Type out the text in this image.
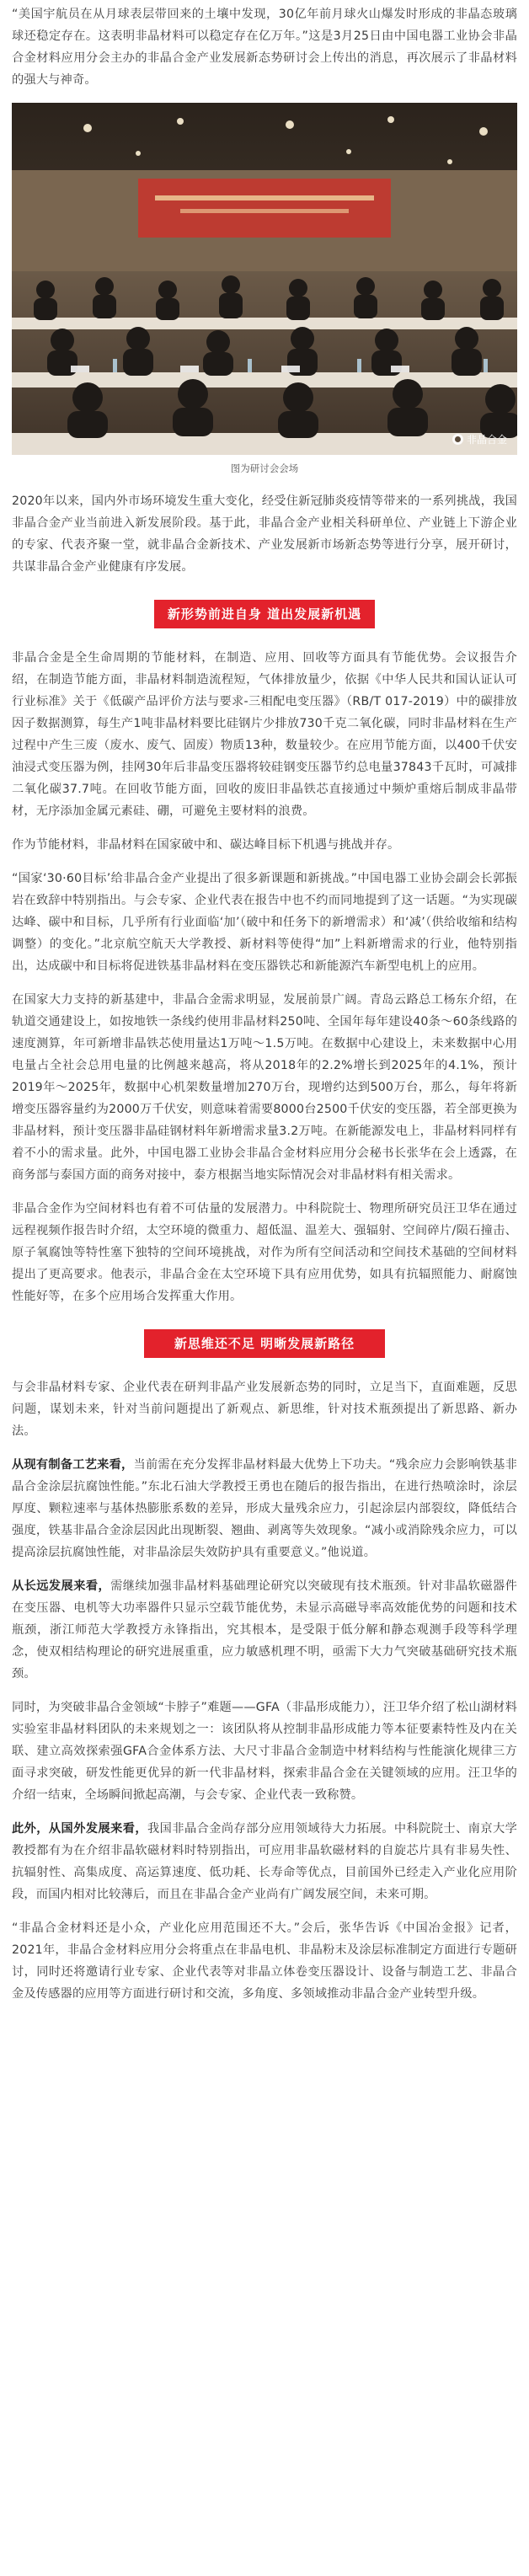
“美国宇航员在从月球表层带回来的土壤中发现，30亿年前月球火山爆发时形成的非晶态玻璃球还稳定存在。这表明非晶材料可以稳定存在亿万年。”这是3月25日由中国电器工业协会非晶合金材料应用分会主办的非晶合金产业发展新态势研讨会上传出的消息，再次展示了非晶材料的强大与神奇。

非晶合金
图为研讨会会场

2020年以来，国内外市场环境发生重大变化，经受住新冠肺炎疫情等带来的一系列挑战，我国非晶合金产业当前进入新发展阶段。基于此，非晶合金产业相关科研单位、产业链上下游企业的专家、代表齐聚一堂，就非晶合金新技术、产业发展新市场新态势等进行分享，展开研讨，共谋非晶合金产业健康有序发展。

新形势前进自身 道出发展新机遇

非晶合金是全生命周期的节能材料，在制造、应用、回收等方面具有节能优势。会议报告介绍，在制造节能方面，非晶材料制造流程短，气体排放量少，依据《中华人民共和国认证认可行业标准》关于《低碳产品评价方法与要求-三相配电变压器》（RB/T 017-2019）中的碳排放因子数据测算，每生产1吨非晶材料要比硅钢片少排放730千克二氧化碳，同时非晶材料在生产过程中产生三废（废水、废气、固废）物质13种，数量较少。在应用节能方面，以400千伏安油浸式变压器为例，挂网30年后非晶变压器将较硅钢变压器节约总电量37843千瓦时，可减排二氧化碳37.7吨。在回收节能方面，回收的废旧非晶铁芯直接通过中频炉重熔后制成非晶带材，无序添加金属元素硅、硼，可避免主要材料的浪费。

作为节能材料，非晶材料在国家破中和、碳达峰目标下机遇与挑战并存。

“国家‘30·60目标’给非晶合金产业提出了很多新课题和新挑战。”中国电器工业协会副会长郭振岩在致辞中特别指出。与会专家、企业代表在报告中也不约而同地提到了这一话题。“为实现碳达峰、碳中和目标，几乎所有行业面临‘加’（破中和任务下的新增需求）和‘减’（供给收缩和结构调整）的变化。”北京航空航天大学教授、新材料等使得“加”上料新增需求的行业，他特别指出，达成碳中和目标将促进铁基非晶材料在变压器铁芯和新能源汽车新型电机上的应用。

在国家大力支持的新基建中，非晶合金需求明显，发展前景广阔。青岛云路总工杨东介绍，在轨道交通建设上，如按地铁一条线约使用非晶材料250吨、全国年每年建设40条～60条线路的速度测算，年可新增非晶铁芯使用量达1万吨～1.5万吨。在数据中心建设上，未来数据中心用电量占全社会总用电量的比例越来越高，将从2018年的2.2%增长到2025年的4.1%，预计2019年～2025年，数据中心机架数量增加270万台，现增约达到500万台，那么，每年将新增变压器容量约为2000万千伏安，则意味着需要8000台2500千伏安的变压器，若全部更换为非晶材料，预计变压器非晶硅钢材料年新增需求量3.2万吨。在新能源发电上，非晶材料同样有着不小的需求量。此外，中国电器工业协会非晶合金材料应用分会秘书长张华在会上透露，在商务部与泰国方面的商务对接中，泰方根据当地实际情况会对非晶材料有相关需求。

非晶合金作为空间材料也有着不可估量的发展潜力。中科院院士、物理所研究员汪卫华在通过远程视频作报告时介绍，太空环境的微重力、超低温、温差大、强辐射、空间碎片/陨石撞击、原子氧腐蚀等特性塞下独特的空间环境挑战，对作为所有空间活动和空间技术基础的空间材料提出了更高要求。他表示，非晶合金在太空环境下具有应用优势，如具有抗辐照能力、耐腐蚀性能好等，在多个应用场合发挥重大作用。

新思维还不足 明晰发展新路径

与会非晶材料专家、企业代表在研判非晶产业发展新态势的同时，立足当下，直面难题，反思问题，谋划未来，针对当前问题提出了新观点、新思维，针对技术瓶颈提出了新思路、新办法。

从现有制备工艺来看，当前需在充分发挥非晶材料最大优势上下功夫。“残余应力会影响铁基非晶合金涂层抗腐蚀性能。”东北石油大学教授王勇也在随后的报告指出，在进行热喷涂时，涂层厚度、颗粒速率与基体热膨胀系数的差异，形成大量残余应力，引起涂层内部裂纹，降低结合强度，铁基非晶合金涂层因此出现断裂、翘曲、剥离等失效现象。“减小或消除残余应力，可以提高涂层抗腐蚀性能，对非晶涂层失效防护具有重要意义。”他说道。

从长远发展来看，需继续加强非晶材料基础理论研究以突破现有技术瓶颈。针对非晶软磁器件在变压器、电机等大功率器件只显示空载节能优势，未显示高磁导率高效能优势的问题和技术瓶颈，浙江师范大学教授方永锋指出，究其根本，是受限于低分解和静态观测手段等科学理念，使双相结构理论的研究进展重重，应力敏感机理不明，亟需下大力气突破基础研究技术瓶颈。

同时，为突破非晶合金领域“卡脖子”难题——GFA（非晶形成能力），汪卫华介绍了松山湖材料实验室非晶材料团队的未来规划之一：该团队将从控制非晶形成能力等本征要素特性及内在关联、建立高效探索强GFA合金体系方法、大尺寸非晶合金制造中材料结构与性能演化规律三方面寻求突破，研发性能更优异的新一代非晶材料，探索非晶合金在关键领域的应用。汪卫华的介绍一结束，全场瞬间掀起高潮，与会专家、企业代表一致称赞。

此外，从国外发展来看，我国非晶合金尚存部分应用领域待大力拓展。中科院院士、南京大学教授都有为在介绍非晶软磁材料时特别指出，可应用非晶软磁材料的自旋芯片具有非易失性、抗辐射性、高集成度、高运算速度、低功耗、长寿命等优点，目前国外已经走入产业化应用阶段，而国内相对比较薄后，而且在非晶合金产业尚有广阔发展空间，未来可期。

“非晶合金材料还是小众，产业化应用范围还不大。”会后，张华告诉《中国冶金报》记者，2021年，非晶合金材料应用分会将重点在非晶电机、非晶粉末及涂层标准制定方面进行专题研讨，同时还将邀请行业专家、企业代表等对非晶立体卷变压器设计、设备与制造工艺、非晶合金及传感器的应用等方面进行研讨和交流，多角度、多领域推动非晶合金产业转型升级。
